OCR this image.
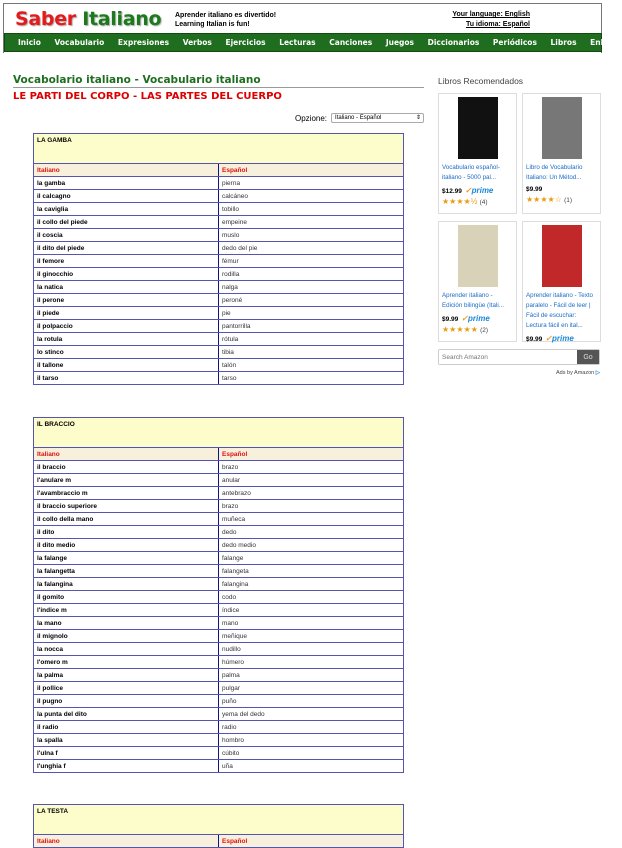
Saber Italiano Aprender italiano es divertido!
Learning Italian is fun!
Your language: English
Tu idioma: Español
Inicio Vocabulario Expresiones Verbos Ejercicios Lecturas Canciones Juegos Diccionarios Periódicos Libros Enlaces
Vocabolario italiano - Vocabulario italiano
LE PARTI DEL CORPO - LAS PARTES DEL CUERPO
Opzione:	Italiano - Español ⇕
LA GAMBA	
Italiano	Español
la gamba	pierna
il calcagno	calcáneo
la caviglia	tobillo
il collo del piede	empeine
il coscia	muslo
il dito del piede	dedo del pie
il femore	fémur
il ginocchio	rodilla
la natica	nalga
il perone	peroné
il piede	pie
il polpaccio	pantorrilla
la rotula	rótula
lo stinco	tibia
il tallone	talón
il tarso	tarso
IL BRACCIO	
Italiano	Español
il braccio	brazo
l'anulare m	anular
l'avambraccio m	antebrazo
il braccio superiore	brazo
il collo della mano	muñeca
il dito	dedo
il dito medio	dedo medio
la falange	falange
la falangetta	falangeta
la falangina	falangina
il gomito	codo
l'indice m	índice
la mano	mano
il mignolo	meñique
la nocca	nudillo
l'omero m	húmero
la palma	palma
il pollice	pulgar
il pugno	puño
la punta del dito	yema del dedo
il radio	radio
la spalla	hombro
l'ulna f	cúbito
l'unghia f	uña
LA TESTA
Italiano	Español
Libros Recomendados
Vocabulario español-
italiano - 5000 pal...
$12.99 ✓prime
★★★★½ (4)
Libro de Vocabulario
Italiano: Un Métod...
$9.99
★★★★☆ (1)
Aprender italiano -
Edición bilingüe (Itali...
$9.99 ✓prime
★★★★★ (2)
Aprender italiano - Texto
paralelo - Fácil de leer |
Fácil de escuchar: Lectura fácil en ital...
$9.99 ✓prime
Search Amazon
Go
Ads by Amazon ▷
